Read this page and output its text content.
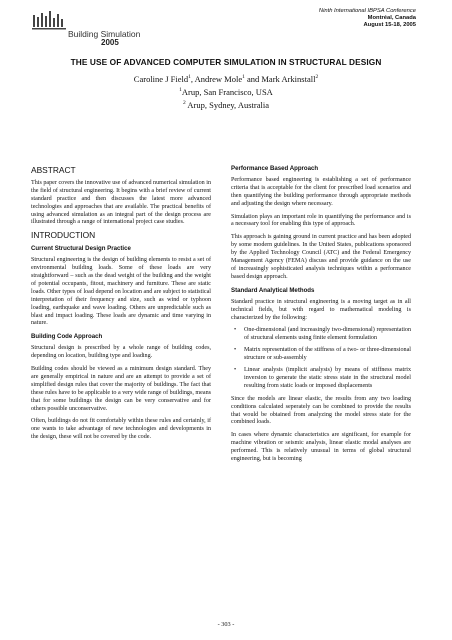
Building Simulation
2005
Ninth International IBPSA Conference
Montréal, Canada
August 15-18, 2005
THE USE OF ADVANCED COMPUTER SIMULATION IN STRUCTURAL DESIGN
Caroline J Field$^1$, Andrew Mole$^1$ and Mark Arkinstall$^2$
$^1$Arup, San Francisco, USA
$^2$ Arup, Sydney, Australia
ABSTRACT

This paper covers the innovative use of advanced numerical simulation in the field of structural engineering. It begins with a brief review of current standard practice and then discusses the latest more advanced technologies and approaches that are available. The practical benefits of using advanced simulation as an integral part of the design process are illustrated through a range of international project case studies.

INTRODUCTION
Current Structural Design Practice

Structural engineering is the design of building elements to resist a set of environmental building loads. Some of these loads are very straightforward – such as the dead weight of the building and the weight of potential occupants, fitout, machinery and furniture. These are static loads. Other types of load depend on location and are subject to statistical interpretation of their frequency and size, such as wind or typhoon loading, earthquake and wave loading. Others are unpredictable such as blast and impact loading. These loads are dynamic and time varying in nature.

Building Code Approach

Structural design is prescribed by a whole range of building codes, depending on location, building type and loading.

Building codes should be viewed as a minimum design standard. They are generally empirical in nature and are an attempt to provide a set of simplified design rules that cover the majority of buildings. The fact that these rules have to be applicable to a very wide range of buildings, means that for some buildings the design can be very conservative and for others possible unconservative.

Often, buildings do not fit comfortably within these rules and certainly, if one wants to take advantage of new technologies and developments in the design, these will not be covered by the code.

Performance Based Approach

Performance based engineering is establishing a set of performance criteria that is acceptable for the client for prescribed load scenarios and then quantifying the building performance through appropriate methods and adjusting the design where necessary.

Simulation plays an important role in quantifying the performance and is a necessary tool for enabling this type of approach.

This approach is gaining ground in current practice and has been adopted by some modern guidelines. In the United States, publications sponsored by the Applied Technology Council (ATC) and the Federal Emergency Management Agency (FEMA) discuss and provide guidance on the use of increasingly sophisticated analysis techniques within a performance based design approach.

Standard Analytical Methods

Standard practice in structural engineering is a moving target as in all technical fields, but with regard to mathematical modeling is characterized by the following:

• One-dimensional (and increasingly two-dimensional) representation of structural elements using finite element formulation
• Matrix representation of the stiffness of a two- or three-dimensional structure or sub-assembly
• Linear analysis (implicit analysis) by means of stiffness matrix inversion to generate the static stress state in the structural model resulting from static loads or imposed displacements

Since the models are linear elastic, the results from any two loading conditions calculated seperately can be combined to provide the results that would be obtained from analyzing the model stress state for the combined loads.

In cases where dynamic characteristics are significant, for example for machine vibration or seismic analysis, linear elastic modal analyses are performed. This is relatively unusual in terms of global structural engineering, but is becoming

- 303 -
